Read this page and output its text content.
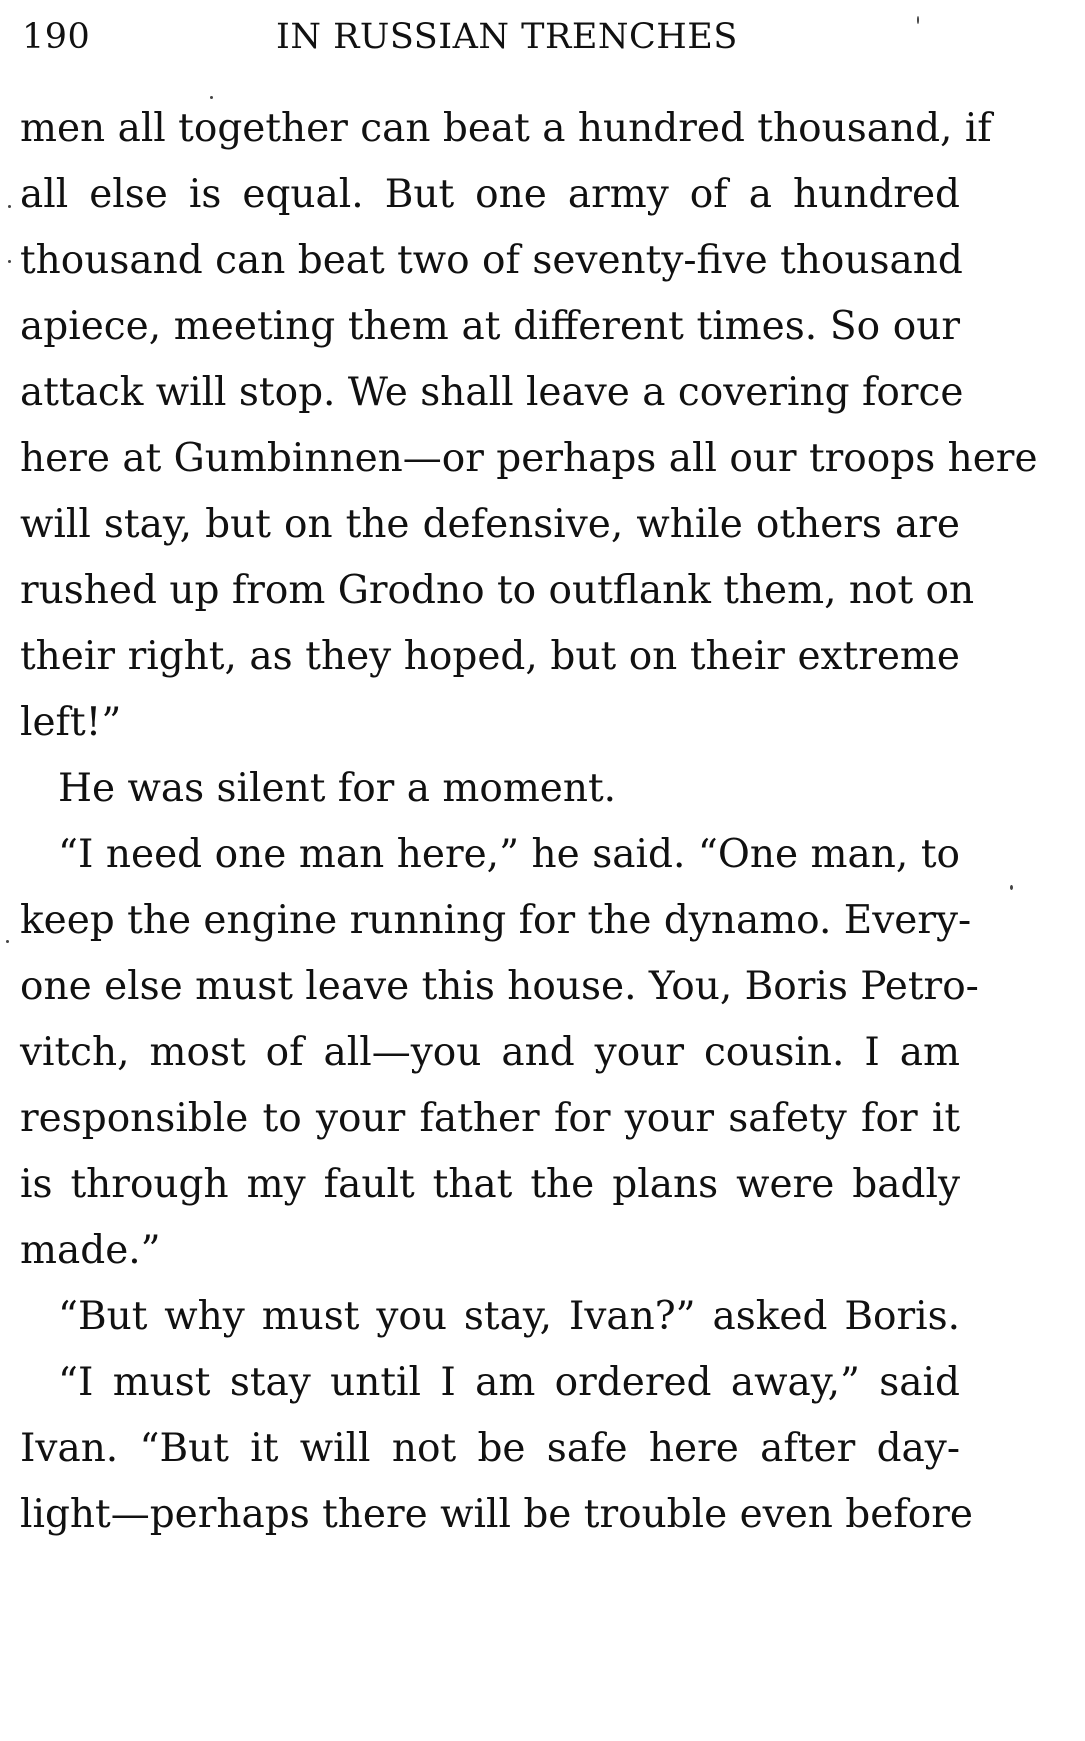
190	IN RUSSIAN TRENCHES
men all together can beat a hundred thousand, if
all else is equal. But one army of a hundred
thousand can beat two of seventy-five thousand
apiece, meeting them at different times. So our
attack will stop. We shall leave a covering force
here at Gumbinnen—or perhaps all our troops here
will stay, but on the defensive, while others are
rushed up from Grodno to outflank them, not on
their right, as they hoped, but on their extreme
left!”
He was silent for a moment.
“I need one man here,” he said. “One man, to
keep the engine running for the dynamo. Every-
one else must leave this house. You, Boris Petro-
vitch, most of all—you and your cousin. I am
responsible to your father for your safety for it
is through my fault that the plans were badly
made.”
“But why must you stay, Ivan?” asked Boris.
“I must stay until I am ordered away,” said
Ivan. “But it will not be safe here after day-
light—perhaps there will be trouble even before
